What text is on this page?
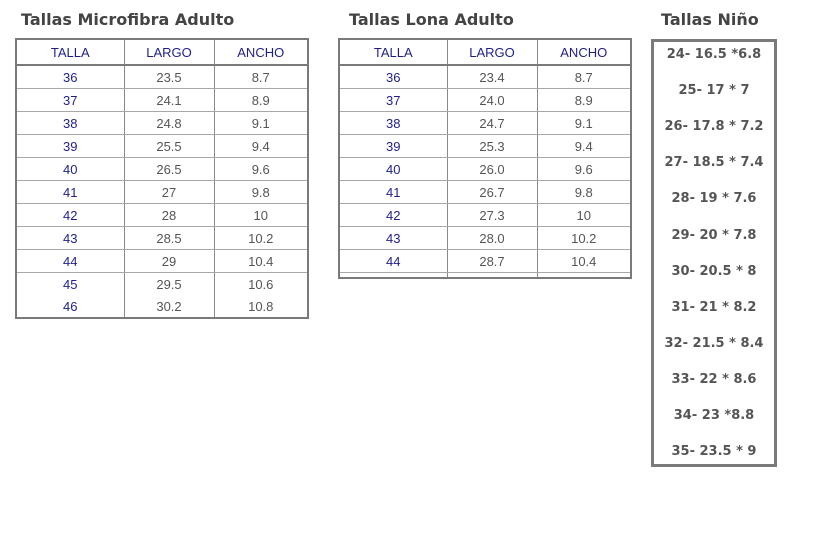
Tallas Microfibra Adulto	Tallas Lona Adulto	Tallas Niño
TALLA	LARGO	ANCHO
36	23.5	8.7
37	24.1	8.9
38	24.8	9.1
39	25.5	9.4
40	26.5	9.6
41	27	9.8
42	28	10
43	28.5	10.2
44	29	10.4
45	29.5	10.6
46	30.2	10.8
TALLA	LARGO	ANCHO
36	23.4	8.7
37	24.0	8.9
38	24.7	9.1
39	25.3	9.4
40	26.0	9.6
41	26.7	9.8
42	27.3	10
43	28.0	10.2
44	28.7	10.4

24- 16.5 *6.8
25- 17 * 7
26- 17.8 * 7.2
27- 18.5 * 7.4
28- 19 * 7.6
29- 20 * 7.8
30- 20.5 * 8
31- 21 * 8.2
32- 21.5 * 8.4
33- 22 * 8.6
34- 23 *8.8
35- 23.5 * 9
